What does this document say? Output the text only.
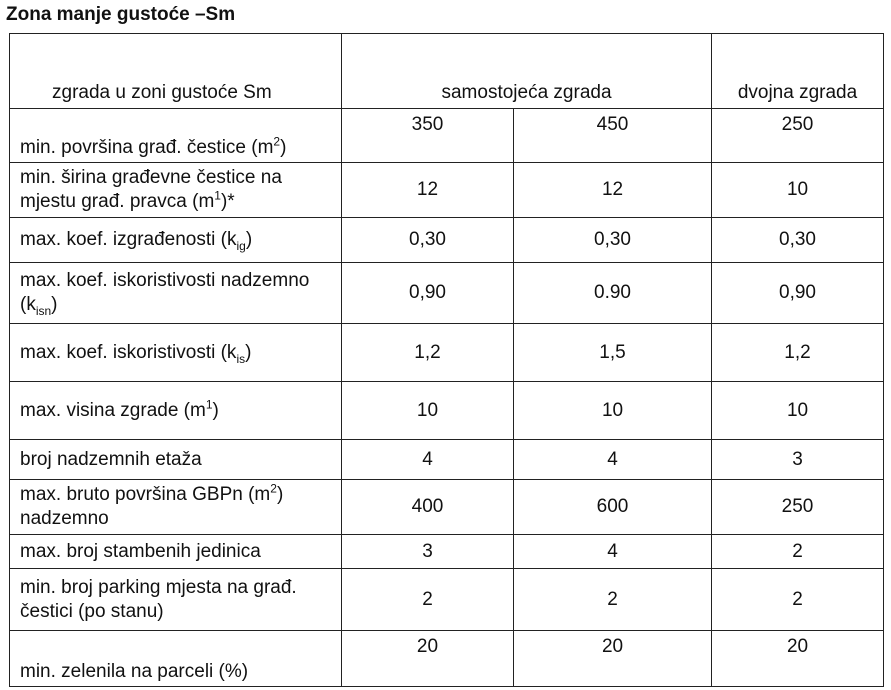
Zona manje gustoće –Sm
zgrada u zoni gustoće Sm	samostojeća zgrada		dvojna zgrada
min. površina građ. čestice $(m^2)$	350	450	250
min. širina građevne čestice na mjestu građ. pravca $(m^1)*$	12	12	10
max. koef. izgrađenosti $(k_{ig})$	0,30	0,30	0,30
max. koef. iskoristivosti nadzemno $(k_{isn})$	0,90	0.90	0,90
max. koef. iskoristivosti $(k_{is})$	1,2	1,5	1,2
max. visina zgrade $(m^1)$	10	10	10
broj nadzemnih etaža	4	4	3
max. bruto površina GBPn $(m^2)$ nadzemno	400	600	250
max. broj stambenih jedinica	3	4	2
min. broj parking mjesta na građ. čestici (po stanu)	2	2	2
min. zelenila na parceli (%)	20	20	20
